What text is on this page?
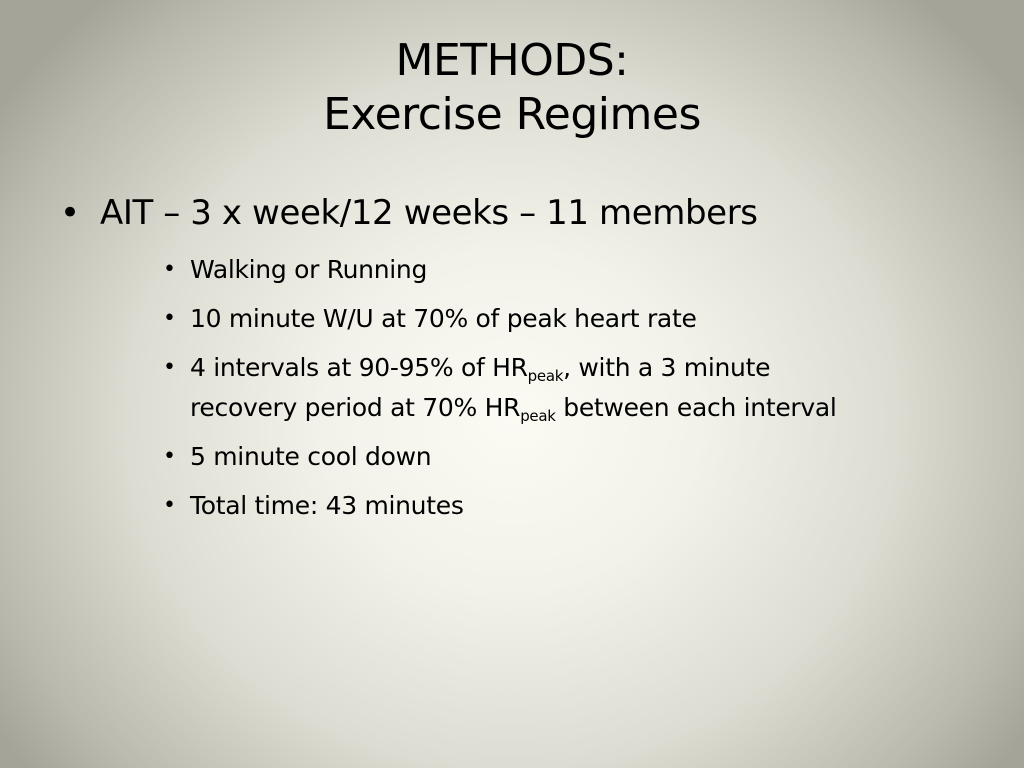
METHODS:
Exercise Regimes
• AIT – 3 x week/12 weeks – 11 members
• Walking or Running
• 10 minute W/U at 70% of peak heart rate
• 4 intervals at 90-95% of $HR_{peak}$, with a 3 minute
recovery period at 70% $HR_{peak}$ between each interval
• 5 minute cool down
• Total time: 43 minutes
